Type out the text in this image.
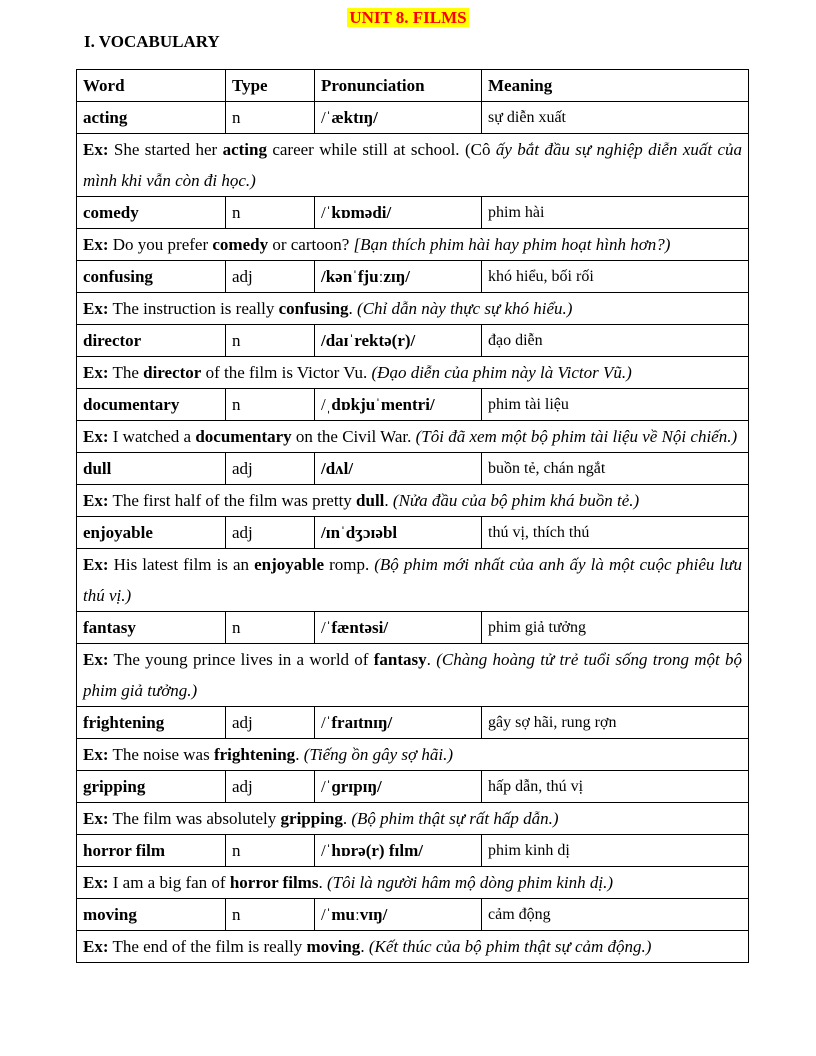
UNIT 8. FILMS
I. VOCABULARY
Word	Type	Pronunciation	Meaning
acting	n	/ˈæktɪŋ/	sự diễn xuất
Ex: She started her acting career while still at school. (Cô ấy bắt đầu sự nghiệp diễn xuất của mình khi vẫn còn đi học.)			
comedy	n	/ˈkɒmədi/	phim hài
Ex: Do you prefer comedy or cartoon? [Bạn thích phim hài hay phim hoạt hình hơn?)			
confusing	adj	/kənˈfjuːzɪŋ/	khó hiểu, bối rối
Ex: The instruction is really confusing. (Chỉ dẫn này thực sự khó hiểu.)			
director	n	/daɪˈrektə(r)/	đạo diễn
Ex: The director of the film is Victor Vu. (Đạo diễn của phim này là Victor Vũ.)			
documentary	n	/ˌdɒkjuˈmentri/	phim tài liệu
Ex: I watched a documentary on the Civil War. (Tôi đã xem một bộ phim tài liệu về Nội chiến.)			
dull	adj	/dʌl/	buồn tẻ, chán ngắt
Ex: The first half of the film was pretty dull. (Nửa đầu của bộ phim khá buồn tẻ.)			
enjoyable	adj	/ɪnˈdʒɔɪəbl	thú vị, thích thú
Ex: His latest film is an enjoyable romp. (Bộ phim mới nhất của anh ấy là một cuộc phiêu lưu thú vị.)			
fantasy	n	/ˈfæntəsi/	phim giả tưởng
Ex: The young prince lives in a world of fantasy. (Chàng hoàng tử trẻ tuổi sống trong một bộ phim giả tưởng.)			
frightening	adj	/ˈfraɪtnɪŋ/	gây sợ hãi, rung rợn
Ex: The noise was frightening. (Tiếng ồn gây sợ hãi.)			
gripping	adj	/ˈɡrɪpɪŋ/	hấp dẫn, thú vị
Ex: The film was absolutely gripping. (Bộ phim thật sự rất hấp dẫn.)			
horror film	n	/ˈhɒrə(r) fɪlm/	phim kinh dị
Ex: I am a big fan of horror films. (Tôi là người hâm mộ dòng phim kinh dị.)			
moving	n	/ˈmuːvɪŋ/	cảm động
Ex: The end of the film is really moving. (Kết thúc của bộ phim thật sự cảm động.)			
